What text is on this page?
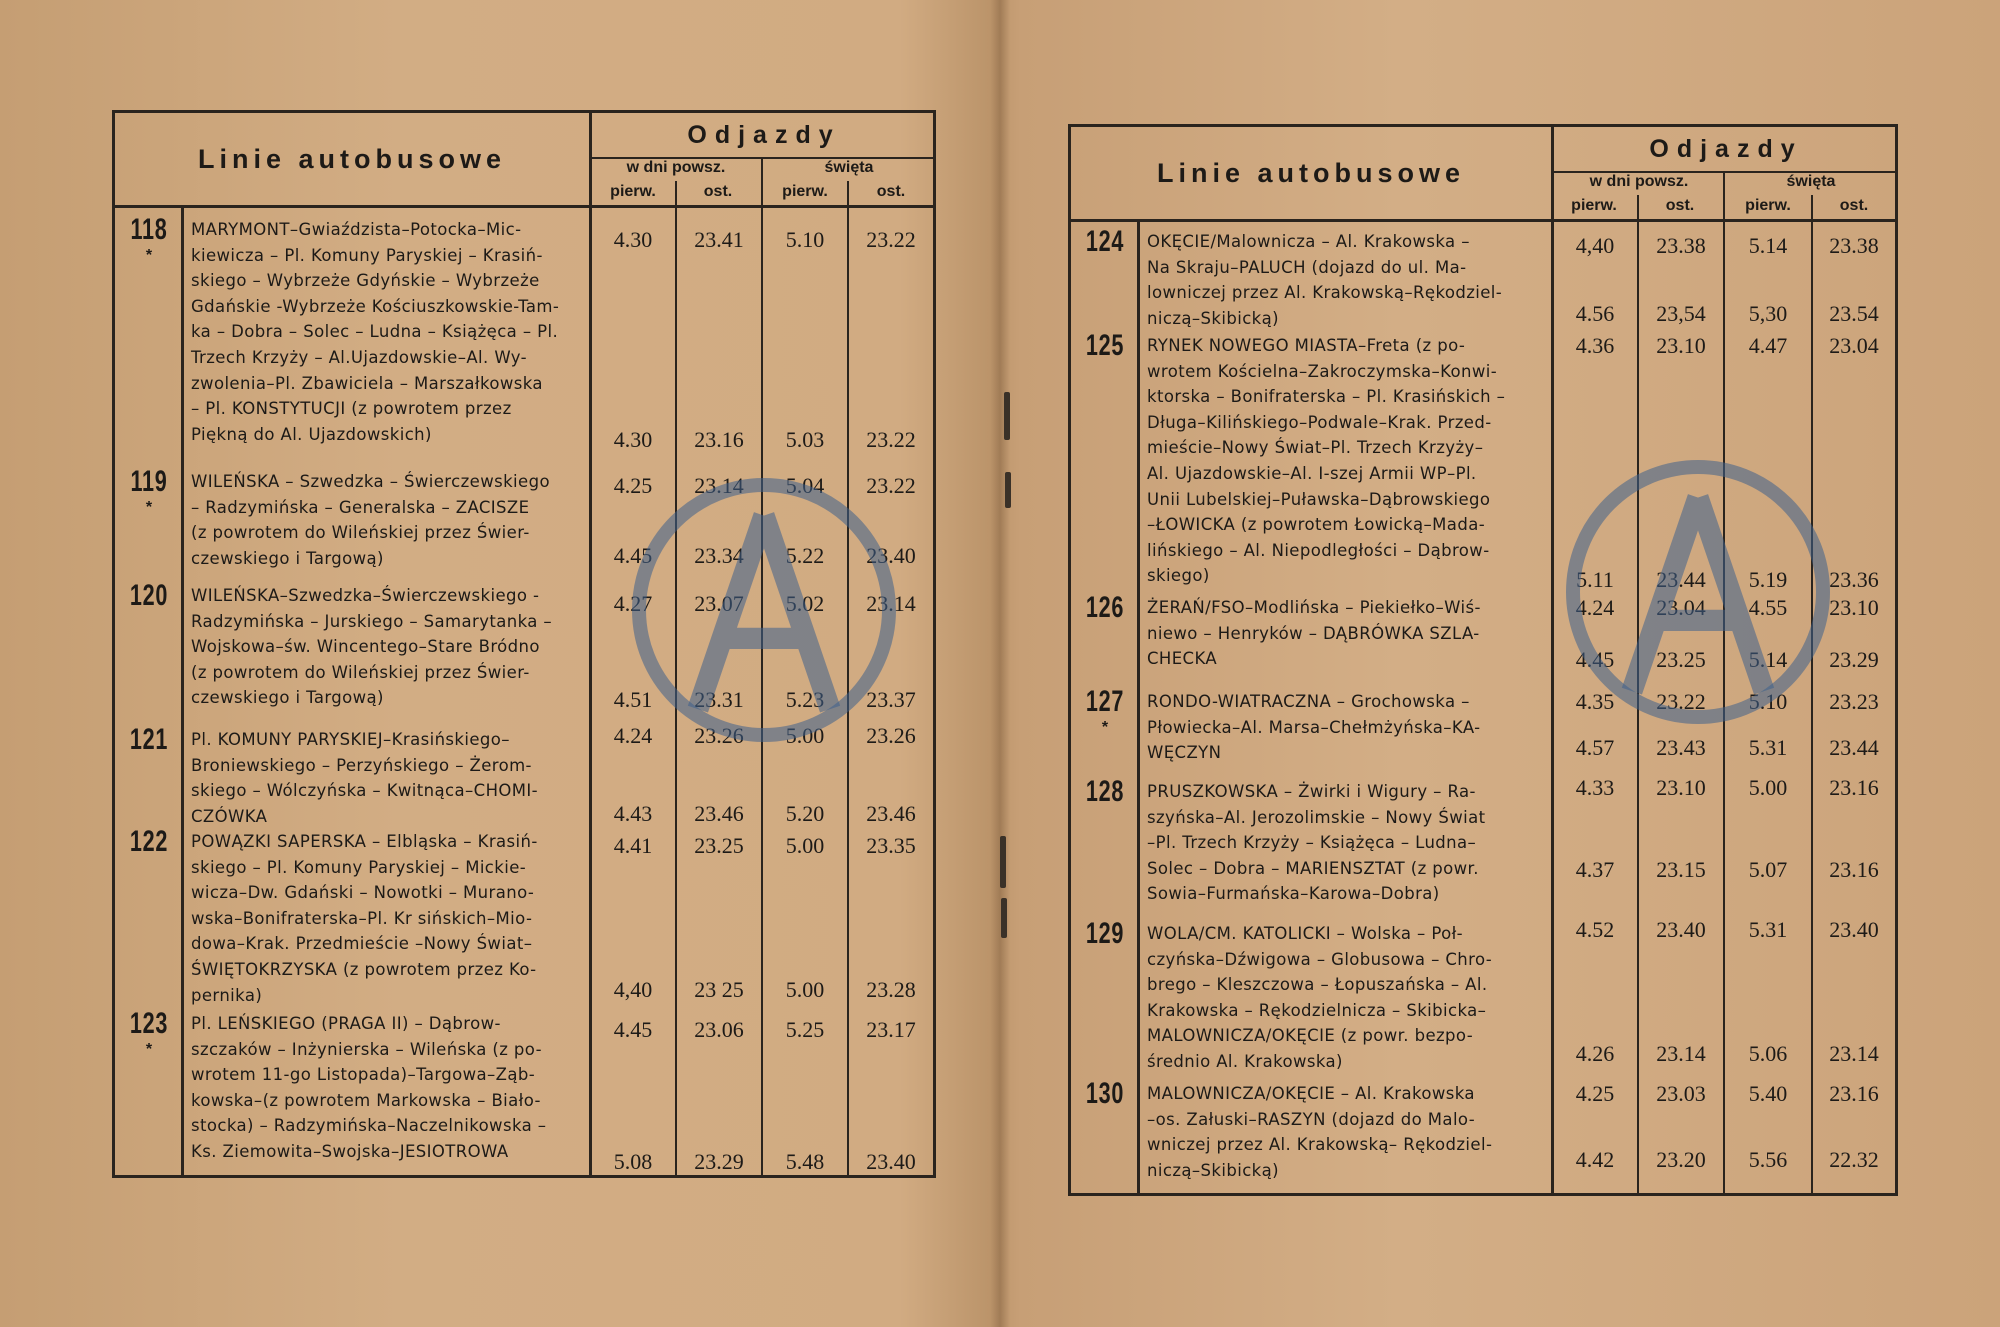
Linie autobusowe
Odjazdy
w dni powsz.	święta
pierw.	ost.	pierw.	ost.
118
*
MARYMONT–Gwiaździsta–Potocka–Mic-
kiewicza – Pl. Komuny Paryskiej – Krasiń-
skiego – Wybrzeże Gdyńskie – Wybrzeże
Gdańskie -Wybrzeże Kościuszkowskie-Tam-
ka – Dobra – Solec – Ludna – Książęca – Pl.
Trzech Krzyży – Al.Ujazdowskie–Al. Wy-
zwolenia–Pl. Zbawiciela – Marszałkowska
– Pl. KONSTYTUCJI (z powrotem przez
Piękną do Al. Ujazdowskich)
4.30	23.41	5.10	23.22
4.30	23.16	5.03	23.22
119
*
WILEŃSKA – Szwedzka – Świerczewskiego
– Radzymińska – Generalska – ZACISZE
(z powrotem do Wileńskiej przez Świer-
czewskiego i Targową)
4.25	23.14	5.04	23.22
4.45	23.34	5.22	23.40
120 WILEŃSKA–Szwedzka–Świerczewskiego -
Radzymińska – Jurskiego – Samarytanka –
Wojskowa–św. Wincentego–Stare Bródno
(z powrotem do Wileńskiej przez Świer-
czewskiego i Targową)
4.27	23.07	5.02	23.14
4.51	23.31	5.23	23.37
121 Pl. KOMUNY PARYSKIEJ–Krasińskiego–
Broniewskiego – Perzyńskiego – Żerom-
skiego – Wólczyńska – Kwitnąca–CHOMI-
CZÓWKA
4.24	23.26	5.00	23.26
4.43	23.46	5.20	23.46
122 POWĄZKI SAPERSKA – Elbląska – Krasiń-
skiego – Pl. Komuny Paryskiej – Mickie-
wicza–Dw. Gdański – Nowotki – Murano-
wska–Bonifraterska–Pl. Kr sińskich–Mio-
dowa–Krak. Przedmieście –Nowy Świat–
ŚWIĘTOKRZYSKA (z powrotem przez Ko-
pernika)
4.41	23.25	5.00	23.35
4,40	23 25	5.00	23.28
123
*
Pl. LEŃSKIEGO (PRAGA II) – Dąbrow-
szczaków – Inżynierska – Wileńska (z po-
wrotem 11-go Listopada)–Targowa–Ząb-
kowska–(z powrotem Markowska – Biało-
stocka) – Radzymińska–Naczelnikowska –
Ks. Ziemowita–Swojska–JESIOTROWA
4.45	23.06	5.25	23.17
5.08	23.29	5.48	23.40
Linie autobusowe
Odjazdy
w dni powsz.	święta
pierw.	ost.	pierw.	ost.
124 OKĘCIE/Malownicza – Al. Krakowska –
Na Skraju–PALUCH (dojazd do ul. Ma-
lowniczej przez Al. Krakowską–Rękodziel-
niczą–Skibicką)
4,40	23.38	5.14	23.38
4.56	23,54	5,30	23.54
125 RYNEK NOWEGO MIASTA–Freta (z po-
wrotem Kościelna–Zakroczymska–Konwi-
ktorska – Bonifraterska – Pl. Krasińskich –
Długa–Kilińskiego–Podwale–Krak. Przed-
mieście–Nowy Świat–Pl. Trzech Krzyży–
Al. Ujazdowskie–Al. I-szej Armii WP–Pl.
Unii Lubelskiej–Puławska–Dąbrowskiego
–ŁOWICKA (z powrotem Łowicką–Mada-
lińskiego – Al. Niepodległości – Dąbrow-
skiego)
4.36	23.10	4.47	23.04
5.11	23.44	5.19	23.36
126 ŻERAŃ/FSO–Modlińska – Piekiełko–Wiś-
niewo – Henryków – DĄBRÓWKA SZLA-
CHECKA
4.24	23.04	4.55	23.10
4.45	23.25	5.14	23.29
127
*
RONDO-WIATRACZNA – Grochowska –
Płowiecka–Al. Marsa–Chełmżyńska–KA-
WĘCZYN
4.35	23.22	5.10	23.23
4.57	23.43	5.31	23.44
128 PRUSZKOWSKA – Żwirki i Wigury – Ra-
szyńska–Al. Jerozolimskie – Nowy Świat
–Pl. Trzech Krzyży – Książęca – Ludna–
Solec – Dobra – MARIENSZTAT (z powr.
Sowia–Furmańska–Karowa–Dobra)
4.33	23.10	5.00	23.16
4.37	23.15	5.07	23.16
129 WOLA/CM. KATOLICKI – Wolska – Poł-
czyńska–Dźwigowa – Globusowa – Chro-
brego – Kleszczowa – Łopuszańska – Al.
Krakowska – Rękodzielnicza – Skibicka–
MALOWNICZA/OKĘCIE (z powr. bezpo-
średnio Al. Krakowska)
4.52	23.40	5.31	23.40
4.26	23.14	5.06	23.14
130 MALOWNICZA/OKĘCIE – Al. Krakowska
–os. Załuski–RASZYN (dojazd do Malo-
wniczej przez Al. Krakowską– Rękodziel-
niczą–Skibicką)
4.25	23.03	5.40	23.16
4.42	23.20	5.56	22.32
